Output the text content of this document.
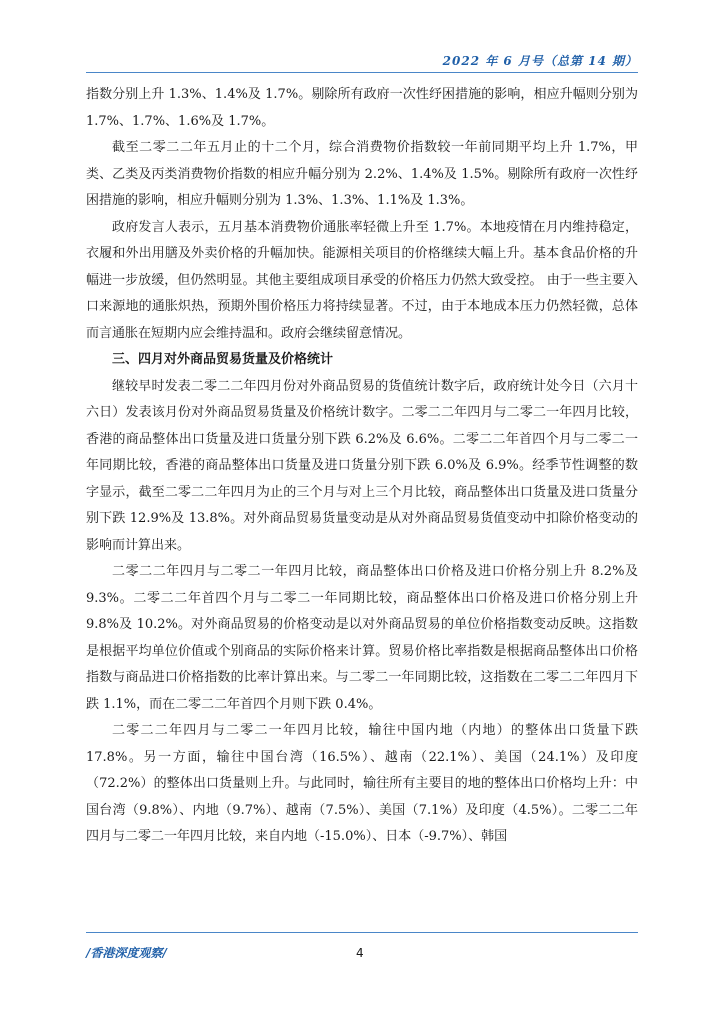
2022 年 6 月号（总第 14 期）

指数分别上升 1.3%、1.4%及 1.7%。剔除所有政府一次性纾困措施的影响，相应升幅则分别为 1.7%、1.7%、1.6%及 1.7%。

截至二零二二年五月止的十二个月，综合消费物价指数较一年前同期平均上升 1.7%，甲类、乙类及丙类消费物价指数的相应升幅分别为 2.2%、1.4%及 1.5%。剔除所有政府一次性纾困措施的影响，相应升幅则分别为 1.3%、1.3%、1.1%及 1.3%。

政府发言人表示，五月基本消费物价通胀率轻微上升至 1.7%。本地疫情在月内维持稳定，衣履和外出用膳及外卖价格的升幅加快。能源相关项目的价格继续大幅上升。基本食品价格的升幅进一步放缓，但仍然明显。其他主要组成项目承受的价格压力仍然大致受控。 由于一些主要入口来源地的通胀炽热，预期外围价格压力将持续显著。不过，由于本地成本压力仍然轻微，总体而言通胀在短期内应会维持温和。政府会继续留意情况。

三、四月对外商品贸易货量及价格统计

继较早时发表二零二二年四月份对外商品贸易的货值统计数字后，政府统计处今日（六月十六日）发表该月份对外商品贸易货量及价格统计数字。二零二二年四月与二零二一年四月比较，香港的商品整体出口货量及进口货量分别下跌 6.2%及 6.6%。二零二二年首四个月与二零二一年同期比较，香港的商品整体出口货量及进口货量分别下跌 6.0%及 6.9%。经季节性调整的数字显示，截至二零二二年四月为止的三个月与对上三个月比较，商品整体出口货量及进口货量分别下跌 12.9%及 13.8%。对外商品贸易货量变动是从对外商品贸易货值变动中扣除价格变动的影响而计算出来。

二零二二年四月与二零二一年四月比较，商品整体出口价格及进口价格分别上升 8.2%及 9.3%。二零二二年首四个月与二零二一年同期比较，商品整体出口价格及进口价格分别上升 9.8%及 10.2%。对外商品贸易的价格变动是以对外商品贸易的单位价格指数变动反映。这指数是根据平均单位价值或个别商品的实际价格来计算。贸易价格比率指数是根据商品整体出口价格指数与商品进口价格指数的比率计算出来。与二零二一年同期比较，这指数在二零二二年四月下跌 1.1%，而在二零二二年首四个月则下跌 0.4%。

二零二二年四月与二零二一年四月比较，输往中国内地（内地）的整体出口货量下跌 17.8%。另一方面，输往中国台湾（16.5%）、越南（22.1%）、美国（24.1%）及印度（72.2%）的整体出口货量则上升。与此同时，输往所有主要目的地的整体出口价格均上升：中国台湾（9.8%）、内地（9.7%）、越南（7.5%）、美国（7.1%）及印度（4.5%）。二零二二年四月与二零二一年四月比较，来自内地（-15.0%）、日本（-9.7%）、韩国

/香港深度观察/	4
